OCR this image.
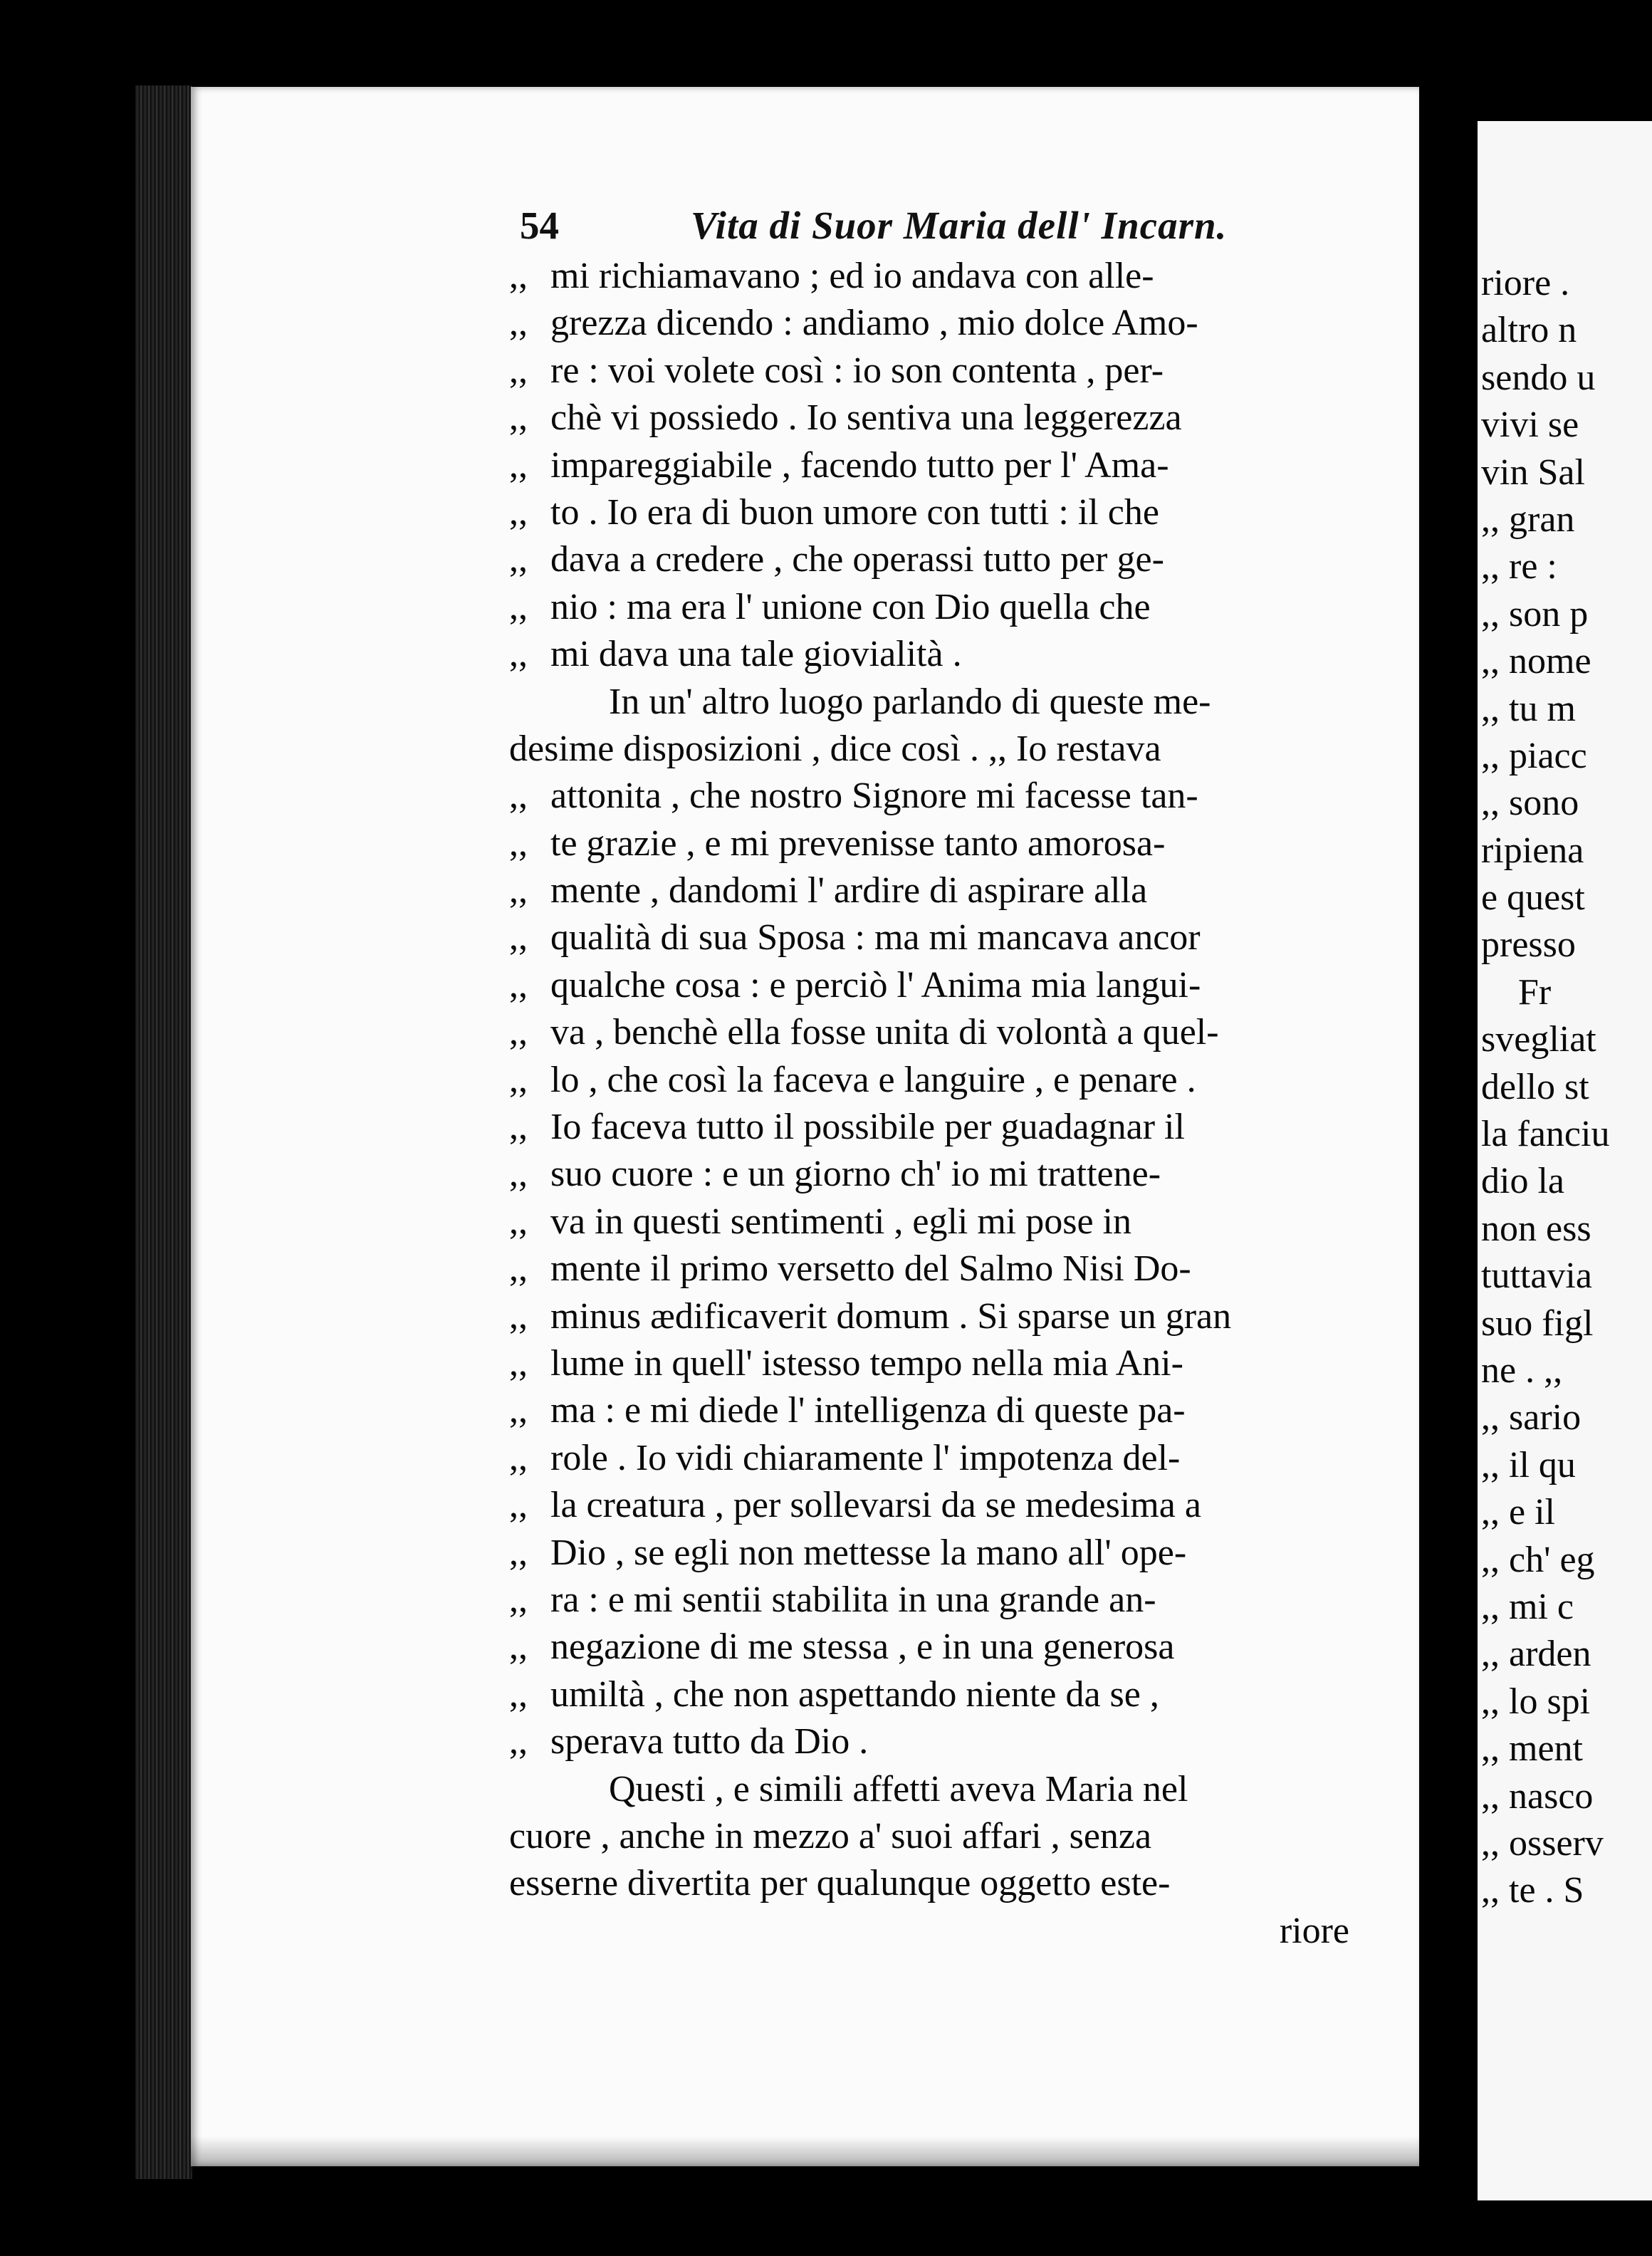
54	Vita di Suor Maria dell' Incarn.
,, mi richiamavano ; ed io andava con alle-
,, grezza dicendo : andiamo , mio dolce Amo-
,, re : voi volete così : io son contenta , per-
,, chè vi possiedo . Io sentiva una leggerezza
,, impareggiabile , facendo tutto per l' Ama-
,, to . Io era di buon umore con tutti : il che
,, dava a credere , che operassi tutto per ge-
,, nio : ma era l' unione con Dio quella che
,, mi dava una tale giovialità .
In un' altro luogo parlando di queste me-
desime disposizioni , dice così . ,, Io restava
,, attonita , che nostro Signore mi facesse tan-
,, te grazie , e mi prevenisse tanto amorosa-
,, mente , dandomi l' ardire di aspirare alla
,, qualità di sua Sposa : ma mi mancava ancor
,, qualche cosa : e perciò l' Anima mia langui-
,, va , benchè ella fosse unita di volontà a quel-
,, lo , che così la faceva e languire , e penare .
,, Io faceva tutto il possibile per guadagnar il
,, suo cuore : e un giorno ch' io mi trattene-
,, va in questi sentimenti , egli mi pose in
,, mente il primo versetto del Salmo Nisi Do-
,, minus ædificaverit domum . Si sparse un gran
,, lume in quell' istesso tempo nella mia Ani-
,, ma : e mi diede l' intelligenza di queste pa-
,, role . Io vidi chiaramente l' impotenza del-
,, la creatura , per sollevarsi da se medesima a
,, Dio , se egli non mettesse la mano all' ope-
,, ra : e mi sentii stabilita in una grande an-
,, negazione di me stessa , e in una generosa
,, umiltà , che non aspettando niente da se ,
,, sperava tutto da Dio .
Questi , e simili affetti aveva Maria nel
cuore , anche in mezzo a' suoi affari , senza
esserne divertita per qualunque oggetto este-
riore
riore .
altro n
sendo u
vivi se
vin Sal
,, gran
,, re :
,, son p
,, nome
,, tu m
,, piacc
,, sono
ripiena
e quest
presso
Fr
svegliat
dello st
la fanciu
dio la
non ess
tuttavia
suo figl
ne . ,,
,, sario
,, il qu
,, e il
,, ch' eg
,, mi c
,, arden
,, lo spi
,, ment
,, nasco
,, osserv
,, te . S
